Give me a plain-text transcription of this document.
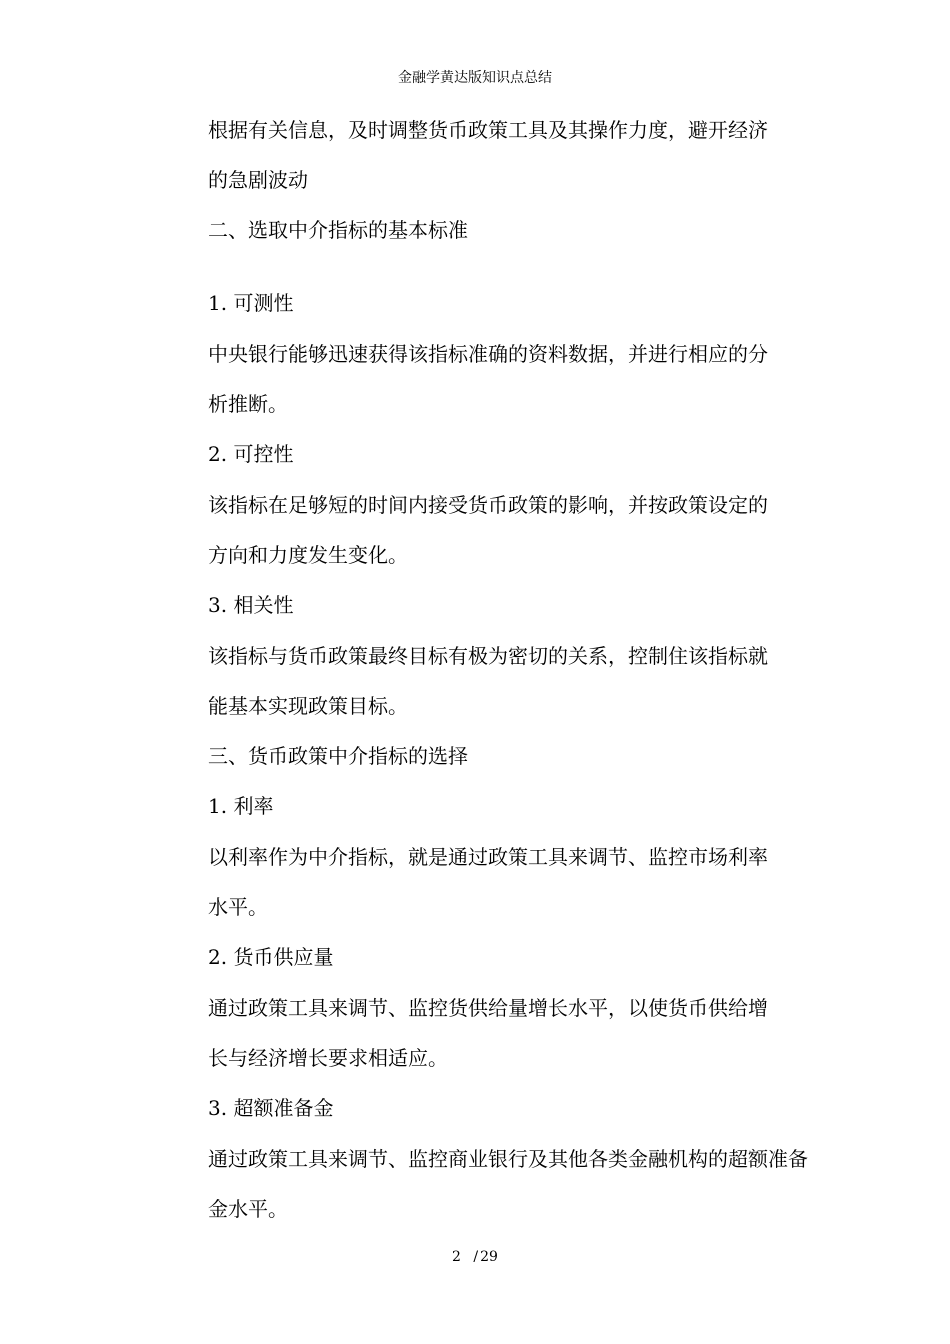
金融学黄达版知识点总结
根据有关信息，及时调整货币政策工具及其操作力度，避开经济
的急剧波动
二、选取中介指标的基本标准
1. 可测性
中央银行能够迅速获得该指标准确的资料数据，并进行相应的分
析推断。
2. 可控性
该指标在足够短的时间内接受货币政策的影响，并按政策设定的
方向和力度发生变化。
3. 相关性
该指标与货币政策最终目标有极为密切的关系，控制住该指标就
能基本实现政策目标。
三、货币政策中介指标的选择
1. 利率
以利率作为中介指标，就是通过政策工具来调节、监控市场利率
水平。
2. 货币供应量
通过政策工具来调节、监控货供给量增长水平，以使货币供给增
长与经济增长要求相适应。
3. 超额准备金
通过政策工具来调节、监控商业银行及其他各类金融机构的超额准备
金水平。
2 / 29
